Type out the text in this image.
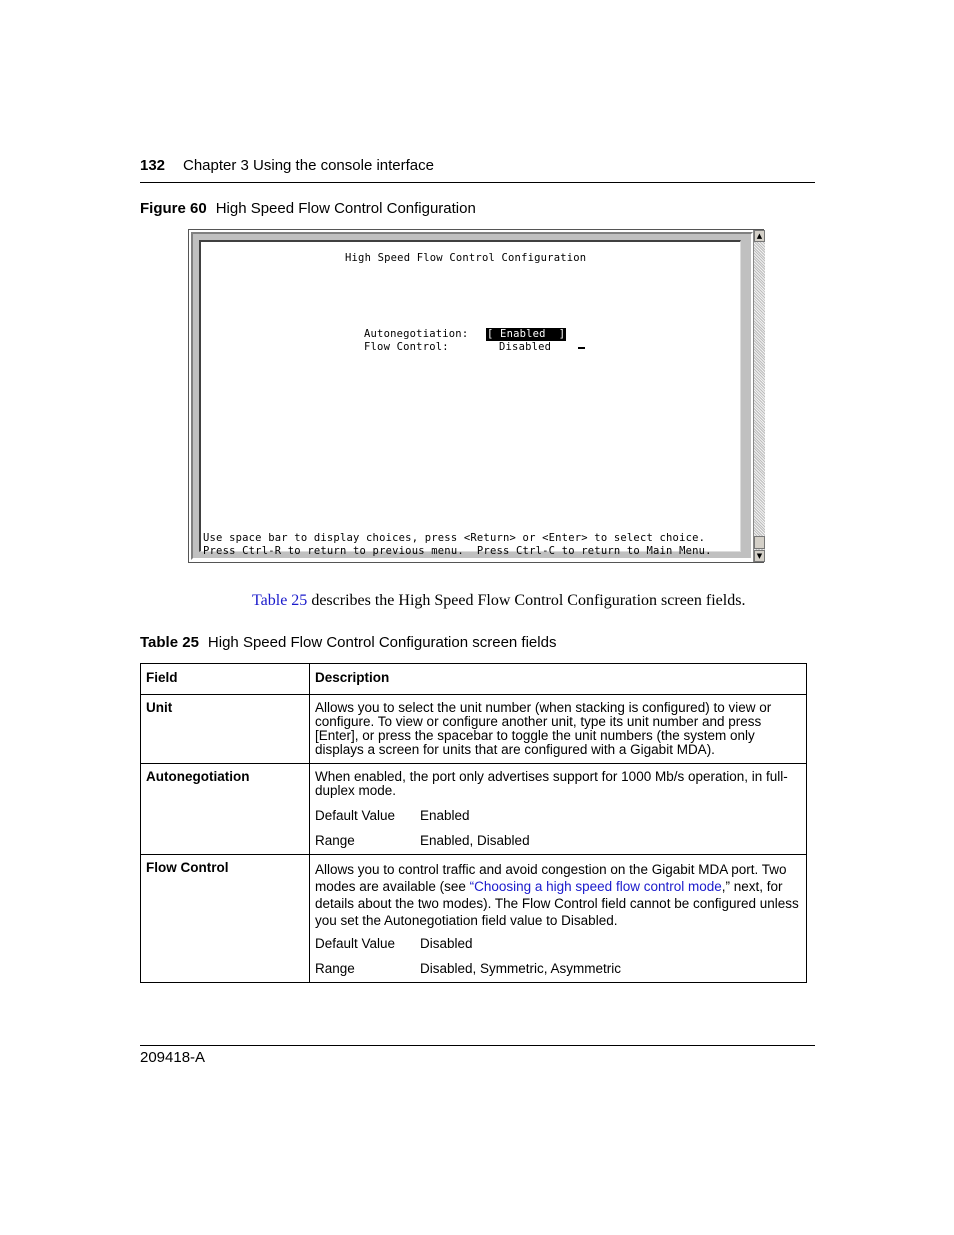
132 Chapter 3 Using the console interface
Figure 60 High Speed Flow Control Configuration
High Speed Flow Control Configuration
Autonegotiation: [ Enabled  ]
Flow Control:	Disabled
Use space bar to display choices, press <Return> or <Enter> to select choice.
Press Ctrl-R to return to previous menu.  Press Ctrl-C to return to Main Menu.
▲
▼
Table 25 describes the High Speed Flow Control Configuration screen fields.
Table 25 High Speed Flow Control Configuration screen fields
Field	Description

Unit	Allows you to select the unit number (when stacking is configured) to view or configure. To view or configure another unit, type its unit number and press [Enter], or press the spacebar to toggle the unit numbers (the system only displays a screen for units that are configured with a Gigabit MDA).

Autonegotiation	When enabled, the port only advertises support for 1000 Mb/s operation, in full-duplex mode.

Default Value Enabled
Range Enabled, Disabled

Flow Control	Allows you to control traffic and avoid congestion on the Gigabit MDA port. Two modes are available (see “Choosing a high speed flow control mode,” next, for details about the two modes). The Flow Control field cannot be configured unless you set the Autonegotiation field value to Disabled.

Default Value Disabled
Range Disabled, Symmetric, Asymmetric
209418-A
